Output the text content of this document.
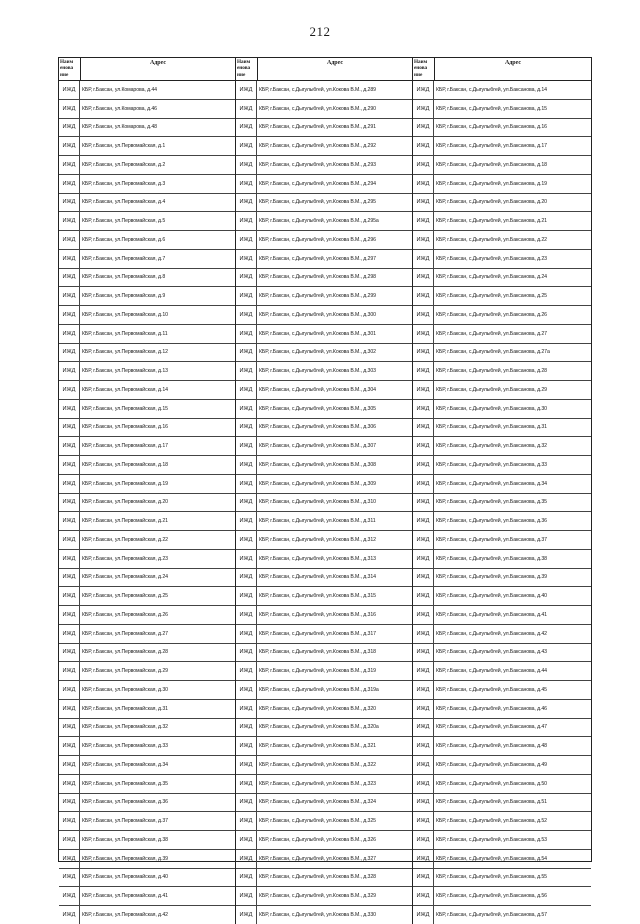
212
Наим
енова
ние
Адрес
ИЖД	КБР, г.Баксан, ул.Комарова, д.44
ИЖД	КБР, г.Баксан, ул.Комарова, д.46
ИЖД	КБР, г.Баксан, ул.Комарова, д.48
ИЖД	КБР, г.Баксан, ул.Первомайская, д.1
ИЖД	КБР, г.Баксан, ул.Первомайская, д.2
ИЖД	КБР, г.Баксан, ул.Первомайская, д.3
ИЖД	КБР, г.Баксан, ул.Первомайская, д.4
ИЖД	КБР, г.Баксан, ул.Первомайская, д.5
ИЖД	КБР, г.Баксан, ул.Первомайская, д.6
ИЖД	КБР, г.Баксан, ул.Первомайская, д.7
ИЖД	КБР, г.Баксан, ул.Первомайская, д.8
ИЖД	КБР, г.Баксан, ул.Первомайская, д.9
ИЖД	КБР, г.Баксан, ул.Первомайская, д.10
ИЖД	КБР, г.Баксан, ул.Первомайская, д.11
ИЖД	КБР, г.Баксан, ул.Первомайская, д.12
ИЖД	КБР, г.Баксан, ул.Первомайская, д.13
ИЖД	КБР, г.Баксан, ул.Первомайская, д.14
ИЖД	КБР, г.Баксан, ул.Первомайская, д.15
ИЖД	КБР, г.Баксан, ул.Первомайская, д.16
ИЖД	КБР, г.Баксан, ул.Первомайская, д.17
ИЖД	КБР, г.Баксан, ул.Первомайская, д.18
ИЖД	КБР, г.Баксан, ул.Первомайская, д.19
ИЖД	КБР, г.Баксан, ул.Первомайская, д.20
ИЖД	КБР, г.Баксан, ул.Первомайская, д.21
ИЖД	КБР, г.Баксан, ул.Первомайская, д.22
ИЖД	КБР, г.Баксан, ул.Первомайская, д.23
ИЖД	КБР, г.Баксан, ул.Первомайская, д.24
ИЖД	КБР, г.Баксан, ул.Первомайская, д.25
ИЖД	КБР, г.Баксан, ул.Первомайская, д.26
ИЖД	КБР, г.Баксан, ул.Первомайская, д.27
ИЖД	КБР, г.Баксан, ул.Первомайская, д.28
ИЖД	КБР, г.Баксан, ул.Первомайская, д.29
ИЖД	КБР, г.Баксан, ул.Первомайская, д.30
ИЖД	КБР, г.Баксан, ул.Первомайская, д.31
ИЖД	КБР, г.Баксан, ул.Первомайская, д.32
ИЖД	КБР, г.Баксан, ул.Первомайская, д.33
ИЖД	КБР, г.Баксан, ул.Первомайская, д.34
ИЖД	КБР, г.Баксан, ул.Первомайская, д.35
ИЖД	КБР, г.Баксан, ул.Первомайская, д.36
ИЖД	КБР, г.Баксан, ул.Первомайская, д.37
ИЖД	КБР, г.Баксан, ул.Первомайская, д.38
ИЖД	КБР, г.Баксан, ул.Первомайская, д.39
ИЖД	КБР, г.Баксан, ул.Первомайская, д.40
ИЖД	КБР, г.Баксан, ул.Первомайская, д.41
ИЖД	КБР, г.Баксан, ул.Первомайская, д.42
Наим
енова
ние
Адрес
ИЖД	КБР, г.Баксан, с.Дыгулыбгей, ул.Кокова В.М., д.289
ИЖД	КБР, г.Баксан, с.Дыгулыбгей, ул.Кокова В.М., д.290
ИЖД	КБР, г.Баксан, с.Дыгулыбгей, ул.Кокова В.М., д.291
ИЖД	КБР, г.Баксан, с.Дыгулыбгей, ул.Кокова В.М., д.292
ИЖД	КБР, г.Баксан, с.Дыгулыбгей, ул.Кокова В.М., д.293
ИЖД	КБР, г.Баксан, с.Дыгулыбгей, ул.Кокова В.М., д.294
ИЖД	КБР, г.Баксан, с.Дыгулыбгей, ул.Кокова В.М., д.295
ИЖД	КБР, г.Баксан, с.Дыгулыбгей, ул.Кокова В.М., д.295а
ИЖД	КБР, г.Баксан, с.Дыгулыбгей, ул.Кокова В.М., д.296
ИЖД	КБР, г.Баксан, с.Дыгулыбгей, ул.Кокова В.М., д.297
ИЖД	КБР, г.Баксан, с.Дыгулыбгей, ул.Кокова В.М., д.298
ИЖД	КБР, г.Баксан, с.Дыгулыбгей, ул.Кокова В.М., д.299
ИЖД	КБР, г.Баксан, с.Дыгулыбгей, ул.Кокова В.М., д.300
ИЖД	КБР, г.Баксан, с.Дыгулыбгей, ул.Кокова В.М., д.301
ИЖД	КБР, г.Баксан, с.Дыгулыбгей, ул.Кокова В.М., д.302
ИЖД	КБР, г.Баксан, с.Дыгулыбгей, ул.Кокова В.М., д.303
ИЖД	КБР, г.Баксан, с.Дыгулыбгей, ул.Кокова В.М., д.304
ИЖД	КБР, г.Баксан, с.Дыгулыбгей, ул.Кокова В.М., д.305
ИЖД	КБР, г.Баксан, с.Дыгулыбгей, ул.Кокова В.М., д.306
ИЖД	КБР, г.Баксан, с.Дыгулыбгей, ул.Кокова В.М., д.307
ИЖД	КБР, г.Баксан, с.Дыгулыбгей, ул.Кокова В.М., д.308
ИЖД	КБР, г.Баксан, с.Дыгулыбгей, ул.Кокова В.М., д.309
ИЖД	КБР, г.Баксан, с.Дыгулыбгей, ул.Кокова В.М., д.310
ИЖД	КБР, г.Баксан, с.Дыгулыбгей, ул.Кокова В.М., д.311
ИЖД	КБР, г.Баксан, с.Дыгулыбгей, ул.Кокова В.М., д.312
ИЖД	КБР, г.Баксан, с.Дыгулыбгей, ул.Кокова В.М., д.313
ИЖД	КБР, г.Баксан, с.Дыгулыбгей, ул.Кокова В.М., д.314
ИЖД	КБР, г.Баксан, с.Дыгулыбгей, ул.Кокова В.М., д.315
ИЖД	КБР, г.Баксан, с.Дыгулыбгей, ул.Кокова В.М., д.316
ИЖД	КБР, г.Баксан, с.Дыгулыбгей, ул.Кокова В.М., д.317
ИЖД	КБР, г.Баксан, с.Дыгулыбгей, ул.Кокова В.М., д.318
ИЖД	КБР, г.Баксан, с.Дыгулыбгей, ул.Кокова В.М., д.319
ИЖД	КБР, г.Баксан, с.Дыгулыбгей, ул.Кокова В.М., д.319а
ИЖД	КБР, г.Баксан, с.Дыгулыбгей, ул.Кокова В.М., д.320
ИЖД	КБР, г.Баксан, с.Дыгулыбгей, ул.Кокова В.М., д.320а
ИЖД	КБР, г.Баксан, с.Дыгулыбгей, ул.Кокова В.М., д.321
ИЖД	КБР, г.Баксан, с.Дыгулыбгей, ул.Кокова В.М., д.322
ИЖД	КБР, г.Баксан, с.Дыгулыбгей, ул.Кокова В.М., д.323
ИЖД	КБР, г.Баксан, с.Дыгулыбгей, ул.Кокова В.М., д.324
ИЖД	КБР, г.Баксан, с.Дыгулыбгей, ул.Кокова В.М., д.325
ИЖД	КБР, г.Баксан, с.Дыгулыбгей, ул.Кокова В.М., д.326
ИЖД	КБР, г.Баксан, с.Дыгулыбгей, ул.Кокова В.М., д.327
ИЖД	КБР, г.Баксан, с.Дыгулыбгей, ул.Кокова В.М., д.328
ИЖД	КБР, г.Баксан, с.Дыгулыбгей, ул.Кокова В.М., д.329
ИЖД	КБР, г.Баксан, с.Дыгулыбгей, ул.Кокова В.М., д.330
Наим
енова
ние
Адрес
ИЖД	КБР, г.Баксан, с.Дыгулыбгей, ул.Баксанова, д.14
ИЖД	КБР, г.Баксан, с.Дыгулыбгей, ул.Баксанова, д.15
ИЖД	КБР, г.Баксан, с.Дыгулыбгей, ул.Баксанова, д.16
ИЖД	КБР, г.Баксан, с.Дыгулыбгей, ул.Баксанова, д.17
ИЖД	КБР, г.Баксан, с.Дыгулыбгей, ул.Баксанова, д.18
ИЖД	КБР, г.Баксан, с.Дыгулыбгей, ул.Баксанова, д.19
ИЖД	КБР, г.Баксан, с.Дыгулыбгей, ул.Баксанова, д.20
ИЖД	КБР, г.Баксан, с.Дыгулыбгей, ул.Баксанова, д.21
ИЖД	КБР, г.Баксан, с.Дыгулыбгей, ул.Баксанова, д.22
ИЖД	КБР, г.Баксан, с.Дыгулыбгей, ул.Баксанова, д.23
ИЖД	КБР, г.Баксан, с.Дыгулыбгей, ул.Баксанова, д.24
ИЖД	КБР, г.Баксан, с.Дыгулыбгей, ул.Баксанова, д.25
ИЖД	КБР, г.Баксан, с.Дыгулыбгей, ул.Баксанова, д.26
ИЖД	КБР, г.Баксан, с.Дыгулыбгей, ул.Баксанова, д.27
ИЖД	КБР, г.Баксан, с.Дыгулыбгей, ул.Баксанова, д.27а
ИЖД	КБР, г.Баксан, с.Дыгулыбгей, ул.Баксанова, д.28
ИЖД	КБР, г.Баксан, с.Дыгулыбгей, ул.Баксанова, д.29
ИЖД	КБР, г.Баксан, с.Дыгулыбгей, ул.Баксанова, д.30
ИЖД	КБР, г.Баксан, с.Дыгулыбгей, ул.Баксанова, д.31
ИЖД	КБР, г.Баксан, с.Дыгулыбгей, ул.Баксанова, д.32
ИЖД	КБР, г.Баксан, с.Дыгулыбгей, ул.Баксанова, д.33
ИЖД	КБР, г.Баксан, с.Дыгулыбгей, ул.Баксанова, д.34
ИЖД	КБР, г.Баксан, с.Дыгулыбгей, ул.Баксанова, д.35
ИЖД	КБР, г.Баксан, с.Дыгулыбгей, ул.Баксанова, д.36
ИЖД	КБР, г.Баксан, с.Дыгулыбгей, ул.Баксанова, д.37
ИЖД	КБР, г.Баксан, с.Дыгулыбгей, ул.Баксанова, д.38
ИЖД	КБР, г.Баксан, с.Дыгулыбгей, ул.Баксанова, д.39
ИЖД	КБР, г.Баксан, с.Дыгулыбгей, ул.Баксанова, д.40
ИЖД	КБР, г.Баксан, с.Дыгулыбгей, ул.Баксанова, д.41
ИЖД	КБР, г.Баксан, с.Дыгулыбгей, ул.Баксанова, д.42
ИЖД	КБР, г.Баксан, с.Дыгулыбгей, ул.Баксанова, д.43
ИЖД	КБР, г.Баксан, с.Дыгулыбгей, ул.Баксанова, д.44
ИЖД	КБР, г.Баксан, с.Дыгулыбгей, ул.Баксанова, д.45
ИЖД	КБР, г.Баксан, с.Дыгулыбгей, ул.Баксанова, д.46
ИЖД	КБР, г.Баксан, с.Дыгулыбгей, ул.Баксанова, д.47
ИЖД	КБР, г.Баксан, с.Дыгулыбгей, ул.Баксанова, д.48
ИЖД	КБР, г.Баксан, с.Дыгулыбгей, ул.Баксанова, д.49
ИЖД	КБР, г.Баксан, с.Дыгулыбгей, ул.Баксанова, д.50
ИЖД	КБР, г.Баксан, с.Дыгулыбгей, ул.Баксанова, д.51
ИЖД	КБР, г.Баксан, с.Дыгулыбгей, ул.Баксанова, д.52
ИЖД	КБР, г.Баксан, с.Дыгулыбгей, ул.Баксанова, д.53
ИЖД	КБР, г.Баксан, с.Дыгулыбгей, ул.Баксанова, д.54
ИЖД	КБР, г.Баксан, с.Дыгулыбгей, ул.Баксанова, д.55
ИЖД	КБР, г.Баксан, с.Дыгулыбгей, ул.Баксанова, д.56
ИЖД	КБР, г.Баксан, с.Дыгулыбгей, ул.Баксанова, д.57
